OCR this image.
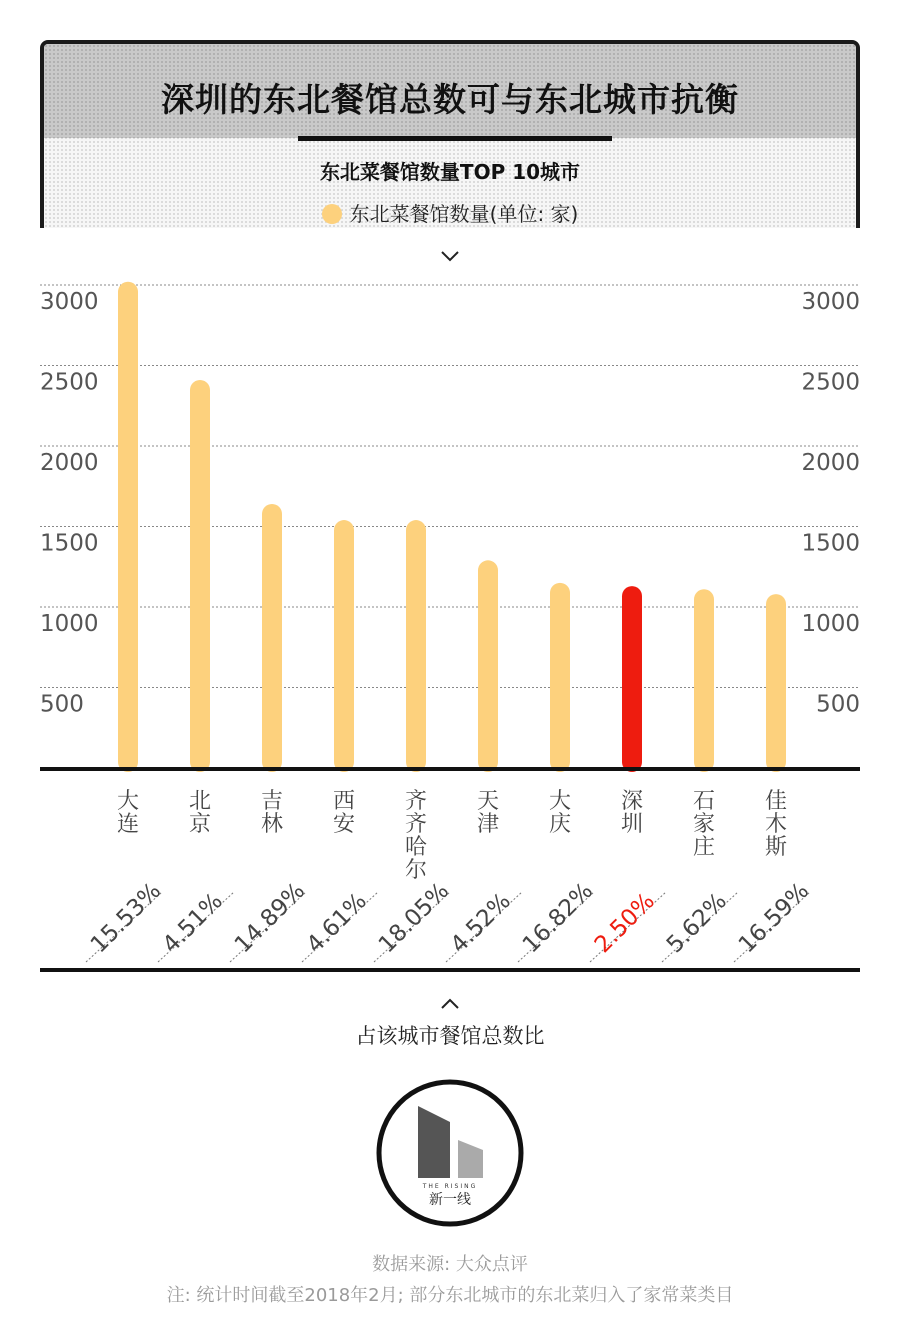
深圳的东北餐馆总数可与东北城市抗衡
东北菜餐馆数量TOP 10城市
东北菜餐馆数量(单位: 家)
500	500
1000	1000
1500	1500
2000	2000
2500	2500
3000	3000
大连
北京
吉林
西安
齐齐哈尔
天津
大庆
深圳
石家庄
佳木斯
15.53%
4.51% 14.89%
4.61% 18.05%
4.52% 16.82%
2.50% 5.62% 16.59%
占该城市餐馆总数比
THE RISING
新一线
数据来源: 大众点评
注: 统计时间截至2018年2月; 部分东北城市的东北菜归入了家常菜类目
